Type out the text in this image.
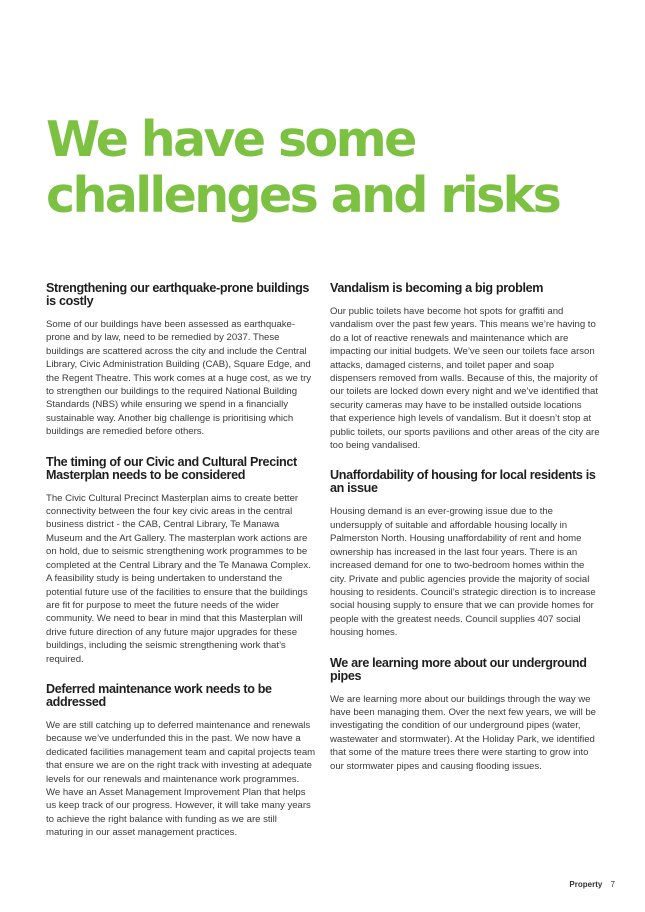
We have some
challenges and risks
Strengthening our earthquake-prone buildings is costly

Some of our buildings have been assessed as earthquake-prone and by law, need to be remedied by 2037. These buildings are scattered across the city and include the Central Library, Civic Administration Building (CAB), Square Edge, and the Regent Theatre. This work comes at a huge cost, as we try to strengthen our buildings to the required National Building Standards (NBS) while ensuring we spend in a financially sustainable way. Another big challenge is prioritising which buildings are remedied before others.

The timing of our Civic and Cultural Precinct Masterplan needs to be considered

The Civic Cultural Precinct Masterplan aims to create better connectivity between the four key civic areas in the central business district - the CAB, Central Library, Te Manawa Museum and the Art Gallery. The masterplan work actions are on hold, due to seismic strengthening work programmes to be completed at the Central Library and the Te Manawa Complex. A feasibility study is being undertaken to understand the potential future use of the facilities to ensure that the buildings are fit for purpose to meet the future needs of the wider community. We need to bear in mind that this Masterplan will drive future direction of any future major upgrades for these buildings, including the seismic strengthening work that’s required.

Deferred maintenance work needs to be addressed

We are still catching up to deferred maintenance and renewals because we’ve underfunded this in the past. We now have a dedicated facilities management team and capital projects team that ensure we are on the right track with investing at adequate levels for our renewals and maintenance work programmes. We have an Asset Management Improvement Plan that helps us keep track of our progress. However, it will take many years to achieve the right balance with funding as we are still maturing in our asset management practices.

Vandalism is becoming a big problem

Our public toilets have become hot spots for graffiti and vandalism over the past few years. This means we’re having to do a lot of reactive renewals and maintenance which are impacting our initial budgets. We’ve seen our toilets face arson attacks, damaged cisterns, and toilet paper and soap dispensers removed from walls. Because of this, the majority of our toilets are locked down every night and we’ve identified that security cameras may have to be installed outside locations that experience high levels of vandalism. But it doesn’t stop at public toilets, our sports pavilions and other areas of the city are too being vandalised.

Unaffordability of housing for local residents is an issue

Housing demand is an ever-growing issue due to the undersupply of suitable and affordable housing locally in Palmerston North. Housing unaffordability of rent and home ownership has increased in the last four years. There is an increased demand for one to two-bedroom homes within the city. Private and public agencies provide the majority of social housing to residents. Council’s strategic direction is to increase social housing supply to ensure that we can provide homes for people with the greatest needs. Council supplies 407 social housing homes.

We are learning more about our underground pipes

We are learning more about our buildings through the way we have been managing them. Over the next few years, we will be investigating the condition of our underground pipes (water, wastewater and stormwater). At the Holiday Park, we identified that some of the mature trees there were starting to grow into our stormwater pipes and causing flooding issues.

Property 7
